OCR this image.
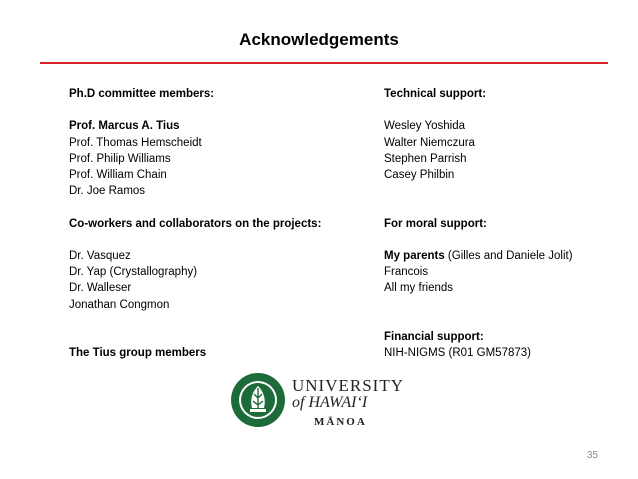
Acknowledgements
Ph.D committee members:
Prof. Marcus A. Tius
Prof. Thomas Hemscheidt
Prof. Philip Williams
Prof. William Chain
Dr. Joe Ramos
Co-workers and collaborators on the projects:
Dr. Vasquez
Dr. Yap (Crystallography)
Dr. Walleser
Jonathan Congmon
The Tius group members
Technical support:
Wesley Yoshida
Walter Niemczura
Stephen Parrish
Casey Philbin
For moral support:
My parents (Gilles and Daniele Jolit)
Francois
All my friends
Financial support:
NIH-NIGMS (R01 GM57873)
UNIVERSITY
of HAWAI‘I
MĀNOA
35
